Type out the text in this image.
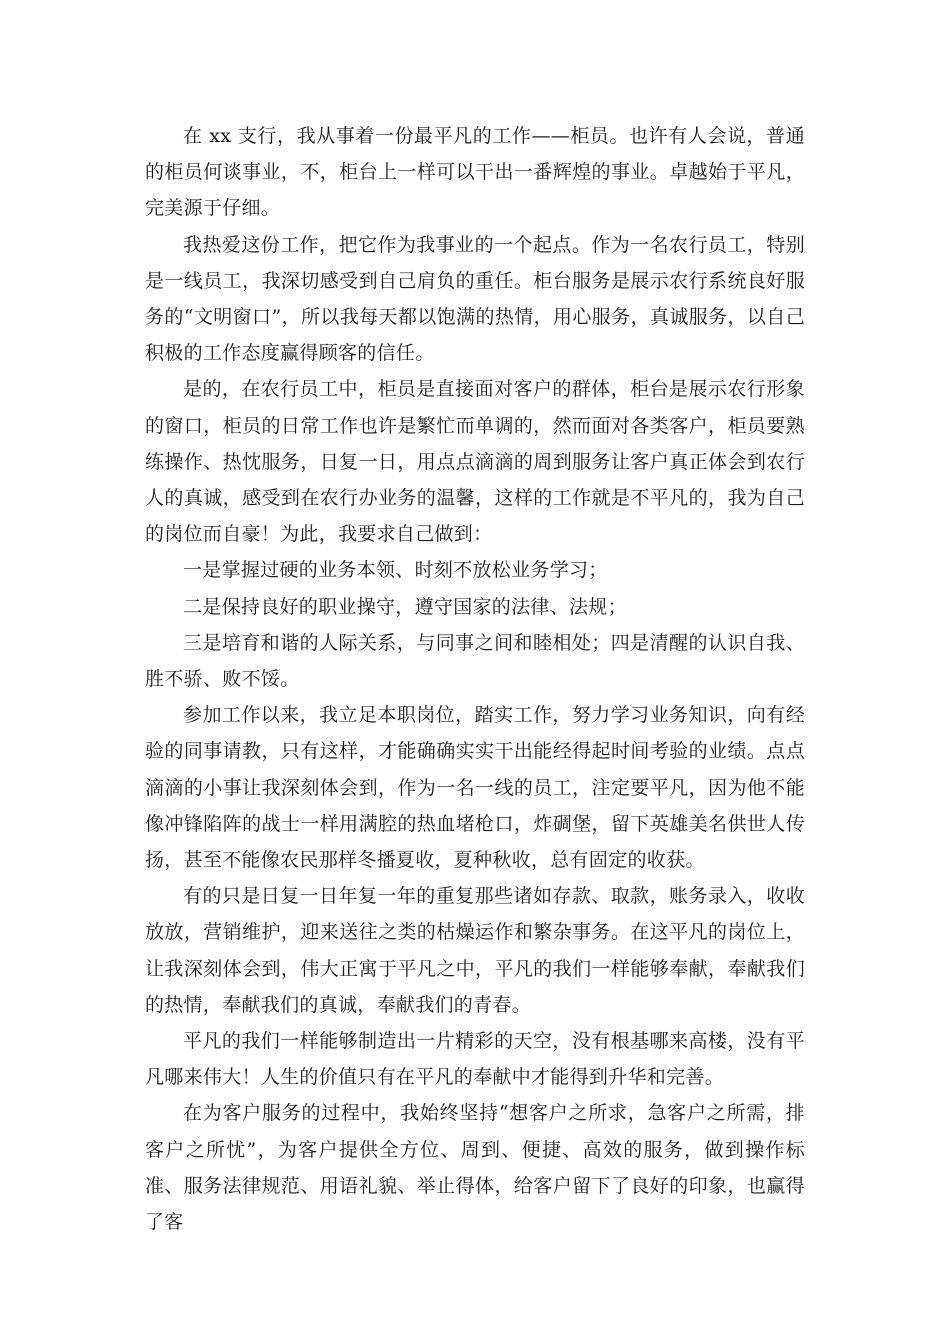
在 xx 支行，我从事着一份最平凡的工作——柜员。也许有人会说，普通的柜员何谈事业，不，柜台上一样可以干出一番辉煌的事业。卓越始于平凡，完美源于仔细。

我热爱这份工作，把它作为我事业的一个起点。作为一名农行员工，特别是一线员工，我深切感受到自己肩负的重任。柜台服务是展示农行系统良好服务的“文明窗口”，所以我每天都以饱满的热情，用心服务，真诚服务，以自己积极的工作态度赢得顾客的信任。

是的，在农行员工中，柜员是直接面对客户的群体，柜台是展示农行形象的窗口，柜员的日常工作也许是繁忙而单调的，然而面对各类客户，柜员要熟练操作、热忱服务，日复一日，用点点滴滴的周到服务让客户真正体会到农行人的真诚，感受到在农行办业务的温馨，这样的工作就是不平凡的，我为自己的岗位而自豪！为此，我要求自己做到：

一是掌握过硬的业务本领、时刻不放松业务学习；

二是保持良好的职业操守，遵守国家的法律、法规；

三是培育和谐的人际关系，与同事之间和睦相处；四是清醒的认识自我、胜不骄、败不馁。

参加工作以来，我立足本职岗位，踏实工作，努力学习业务知识，向有经验的同事请教，只有这样，才能确确实实干出能经得起时间考验的业绩。点点滴滴的小事让我深刻体会到，作为一名一线的员工，注定要平凡，因为他不能像冲锋陷阵的战士一样用满腔的热血堵枪口，炸碉堡，留下英雄美名供世人传扬，甚至不能像农民那样冬播夏收，夏种秋收，总有固定的收获。

有的只是日复一日年复一年的重复那些诸如存款、取款，账务录入，收收放放，营销维护，迎来送往之类的枯燥运作和繁杂事务。在这平凡的岗位上，让我深刻体会到，伟大正寓于平凡之中，平凡的我们一样能够奉献，奉献我们的热情，奉献我们的真诚，奉献我们的青春。

平凡的我们一样能够制造出一片精彩的天空，没有根基哪来高楼，没有平凡哪来伟大！人生的价值只有在平凡的奉献中才能得到升华和完善。

在为客户服务的过程中，我始终坚持“想客户之所求，急客户之所需，排客户之所忧”，为客户提供全方位、周到、便捷、高效的服务，做到操作标准、服务法律规范、用语礼貌、举止得体，给客户留下了良好的印象，也赢得了客
